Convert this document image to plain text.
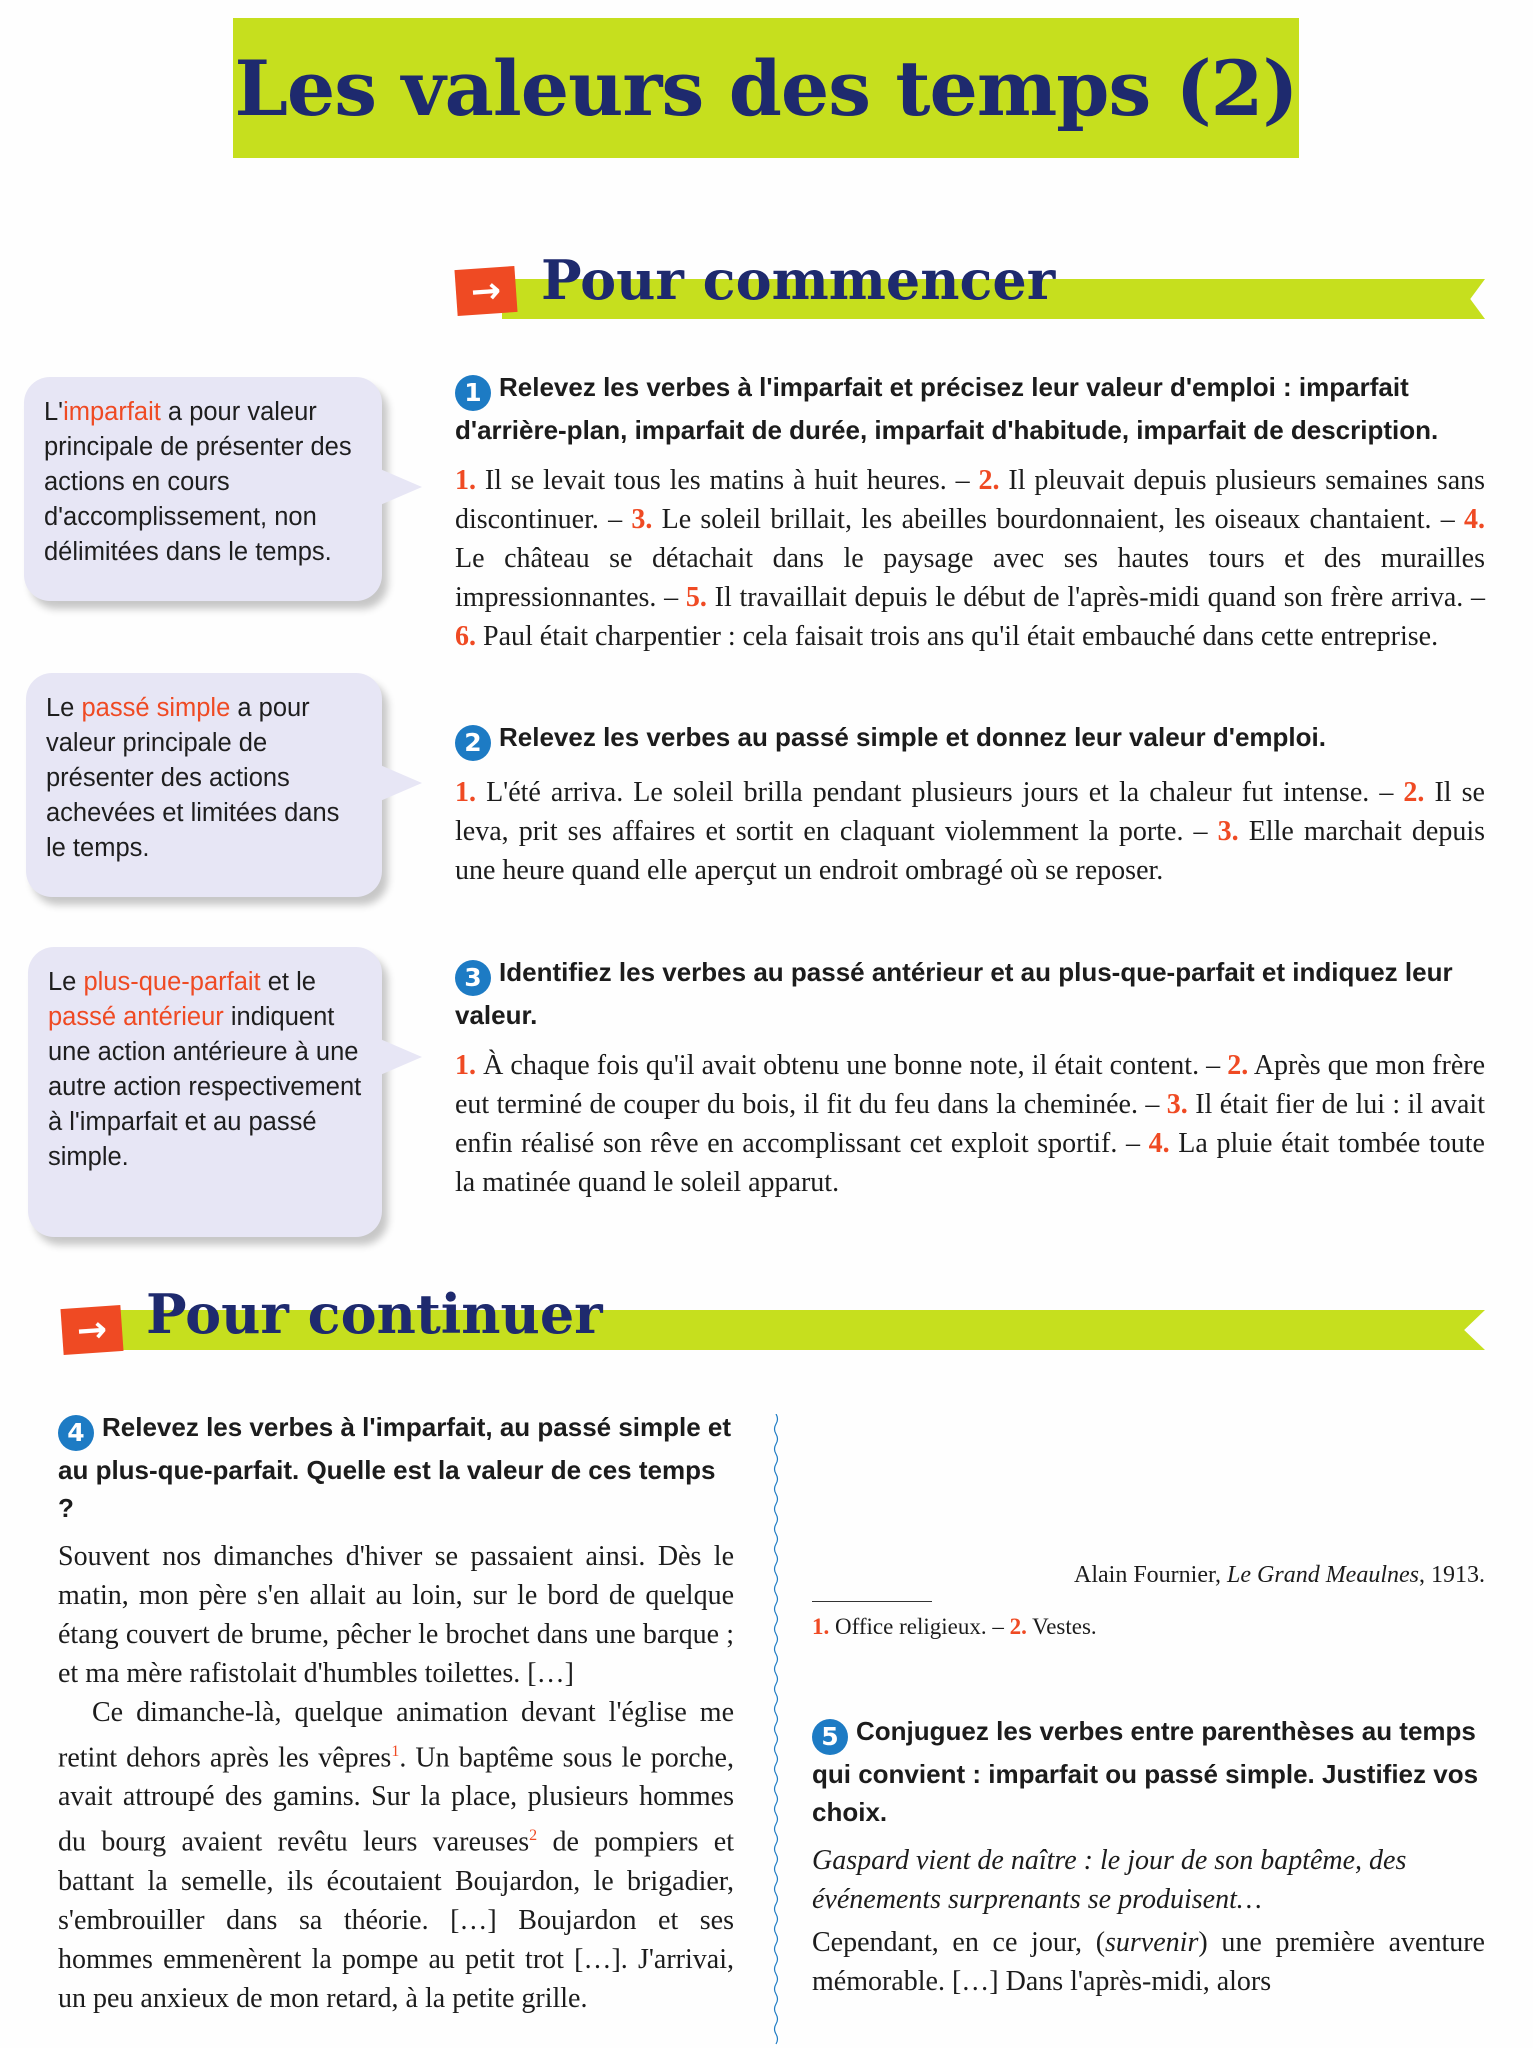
Les valeurs des temps (2)
→ Pour commencer
L'imparfait a pour valeur principale de présenter des actions en cours d'accomplissement, non délimitées dans le temps.
Le passé simple a pour valeur principale de présenter des actions achevées et limitées dans le temps.
Le plus-que-parfait et le passé antérieur indiquent une action antérieure à une autre action respectivement à l'imparfait et au passé simple.

1 Relevez les verbes à l'imparfait et précisez leur valeur d'emploi : imparfait d'arrière-plan, imparfait de durée, imparfait d'habitude, imparfait de description.

1. Il se levait tous les matins à huit heures. – 2. Il pleuvait depuis plusieurs semaines sans discontinuer. – 3. Le soleil brillait, les abeilles bourdonnaient, les oiseaux chantaient. – 4. Le château se détachait dans le paysage avec ses hautes tours et des murailles impressionnantes. – 5. Il travaillait depuis le début de l'après-midi quand son frère arriva. – 6. Paul était charpentier : cela faisait trois ans qu'il était embauché dans cette entreprise.

2 Relevez les verbes au passé simple et donnez leur valeur d'emploi.

1. L'été arriva. Le soleil brilla pendant plusieurs jours et la chaleur fut intense. – 2. Il se leva, prit ses affaires et sortit en claquant violemment la porte. – 3. Elle marchait depuis une heure quand elle aperçut un endroit ombragé où se reposer.

3 Identifiez les verbes au passé antérieur et au plus-que-parfait et indiquez leur valeur.

1. À chaque fois qu'il avait obtenu une bonne note, il était content. – 2. Après que mon frère eut terminé de couper du bois, il fit du feu dans la cheminée. – 3. Il était fier de lui : il avait enfin réalisé son rêve en accomplissant cet exploit sportif. – 4. La pluie était tombée toute la matinée quand le soleil apparut.

→ Pour continuer

4 Relevez les verbes à l'imparfait, au passé simple et au plus-que-parfait. Quelle est la valeur de ces temps ?

Souvent nos dimanches d'hiver se passaient ainsi. Dès le matin, mon père s'en allait au loin, sur le bord de quelque étang couvert de brume, pêcher le brochet dans une barque ; et ma mère rafistolait d'humbles toilettes. […]

Ce dimanche-là, quelque animation devant l'église me retint dehors après les vêpres$^1$. Un baptême sous le porche, avait attroupé des gamins. Sur la place, plusieurs hommes du bourg avaient revêtu leurs vareuses$^2$ de pompiers et battant la semelle, ils écoutaient Boujardon, le brigadier, s'embrouiller dans sa théorie. […] Boujardon et ses hommes emmenèrent la pompe au petit trot […]. J'arrivai, un peu anxieux de mon retard, à la petite grille.

Alain Fournier, Le Grand Meaulnes, 1913.

1. Office religieux. – 2. Vestes.

5 Conjuguez les verbes entre parenthèses au temps qui convient : imparfait ou passé simple. Justifiez vos choix.

Gaspard vient de naître : le jour de son baptême, des événements surprenants se produisent…

Cependant, en ce jour, (survenir) une première aventure mémorable. […] Dans l'après-midi, alors
